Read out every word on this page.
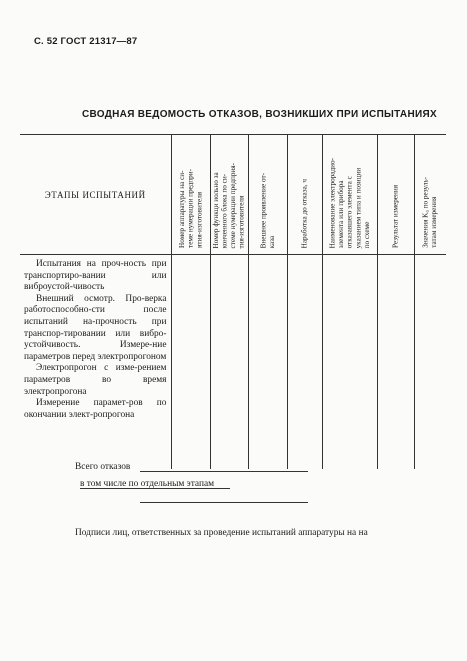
С. 52 ГОСТ 21317—87
СВОДНАЯ ВЕДОМОСТЬ ОТКАЗОВ, ВОЗНИКШИХ ПРИ ИСПЫТАНИЯХ
ЭТАПЫ ИСПЫТАНИЙ	Номер аппаратуры на си-
теме нумерации предпри-
ятия-изготовителя	Номер функци иольно за
конченного блока по си-
стеме нумерации предприя-
тия-изготовителя	Внешнее проявление от-
каза	Наработка до отказа, ч	Наименование электрорадио-
элемента или прибора
отказавшего элемента с
указанием типа и позиции
по схеме	Результат измерения	Значения K₀ по резуль-
татам измерения

Испытания на проч-ность при транспортиро-вании или виброустой-чивость

Внешний осмотр. Про-верка работоспособно-сти после испытаний на-прочность при транспор-тировании или вибро-устойчивость. Измере-ние параметров перед электропрогоном

Электропрогон с изме-рением параметров во время электропрогона

Измерение парамет-ров по окончании элект-ропрогона							

Всего отказов
в том числе по отдельным этапам
Подписи лиц, ответственных за проведение испытаний аппаратуры на на
